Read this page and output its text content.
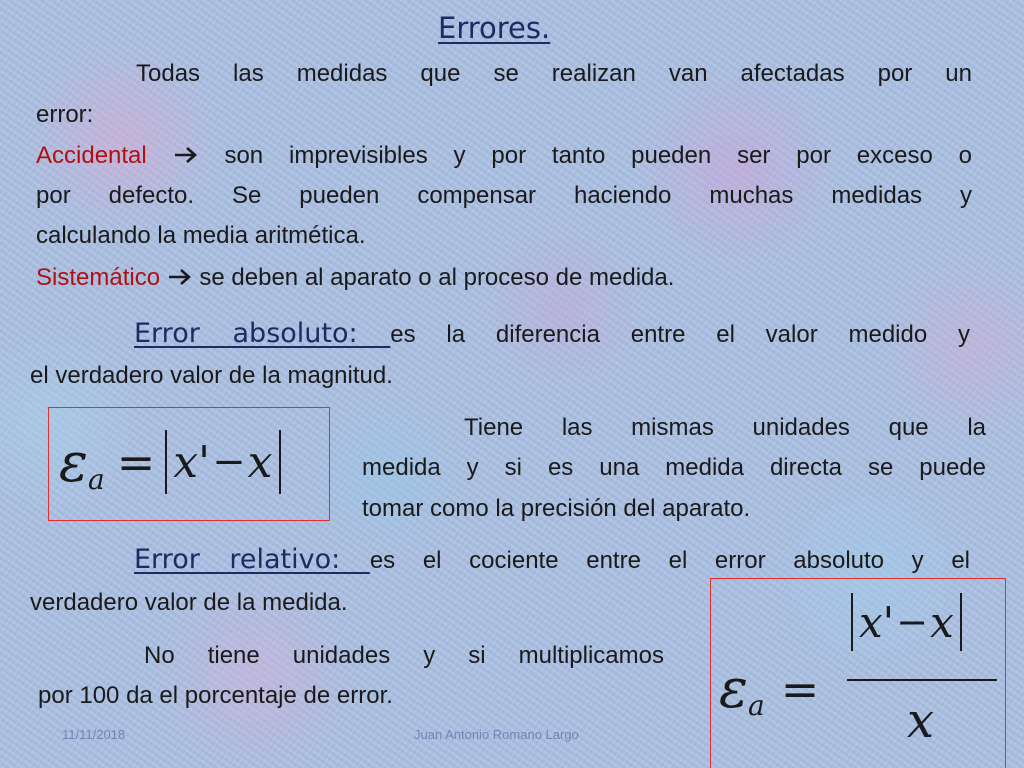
Errores.
Todas las medidas que se realizan van afectadas por un
error:
Accidental	son imprevisibles y por tanto pueden ser por exceso o
por defecto. Se pueden compensar haciendo muchas medidas y
calculando la media aritmética.
Sistemático se deben al aparato o al proceso de medida.
Error absoluto: es la diferencia entre el valor medido y
el verdadero valor de la magnitud.
ε a = x' − x
Tiene las mismas unidades que la
medida y si es una medida directa se puede
tomar como la precisión del aparato.
Error relativo: es el cociente entre el error absoluto y el
verdadero valor de la medida.
No tiene unidades y si multiplicamos
por 100 da el porcentaje de error.	ε a =
x' − x
x
11/11/2018	Juan Antonio Romano Largo
